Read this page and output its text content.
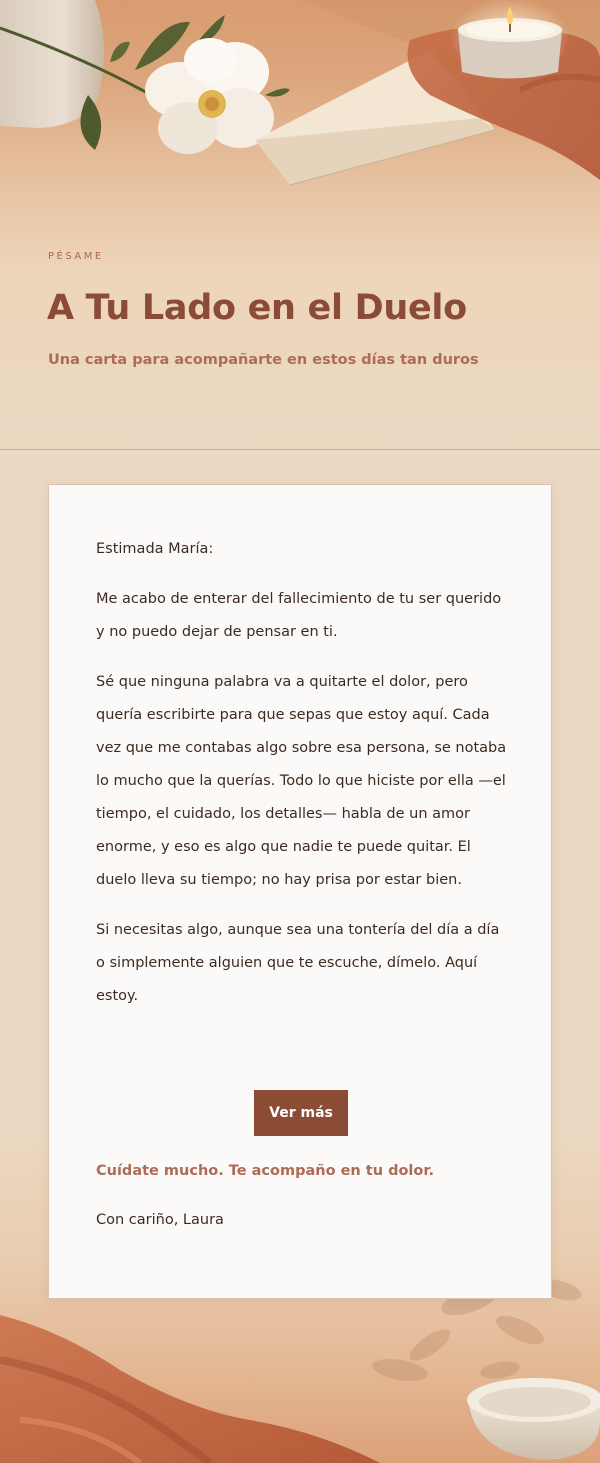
PÉSAME
A Tu Lado en el Duelo
Una carta para acompañarte en estos días tan duros

Estimada María:

Me acabo de enterar del fallecimiento de tu ser querido y no puedo dejar de pensar en ti.

Sé que ninguna palabra va a quitarte el dolor, pero quería escribirte para que sepas que estoy aquí. Cada vez que me contabas algo sobre esa persona, se notaba lo mucho que la querías. Todo lo que hiciste por ella —el tiempo, el cuidado, los detalles— habla de un amor enorme, y eso es algo que nadie te puede quitar. El duelo lleva su tiempo; no hay prisa por estar bien.

Si necesitas algo, aunque sea una tontería del día a día o simplemente alguien que te escuche, dímelo. Aquí estoy.

Ver más
Cuídate mucho. Te acompaño en tu dolor.
Con cariño, Laura
